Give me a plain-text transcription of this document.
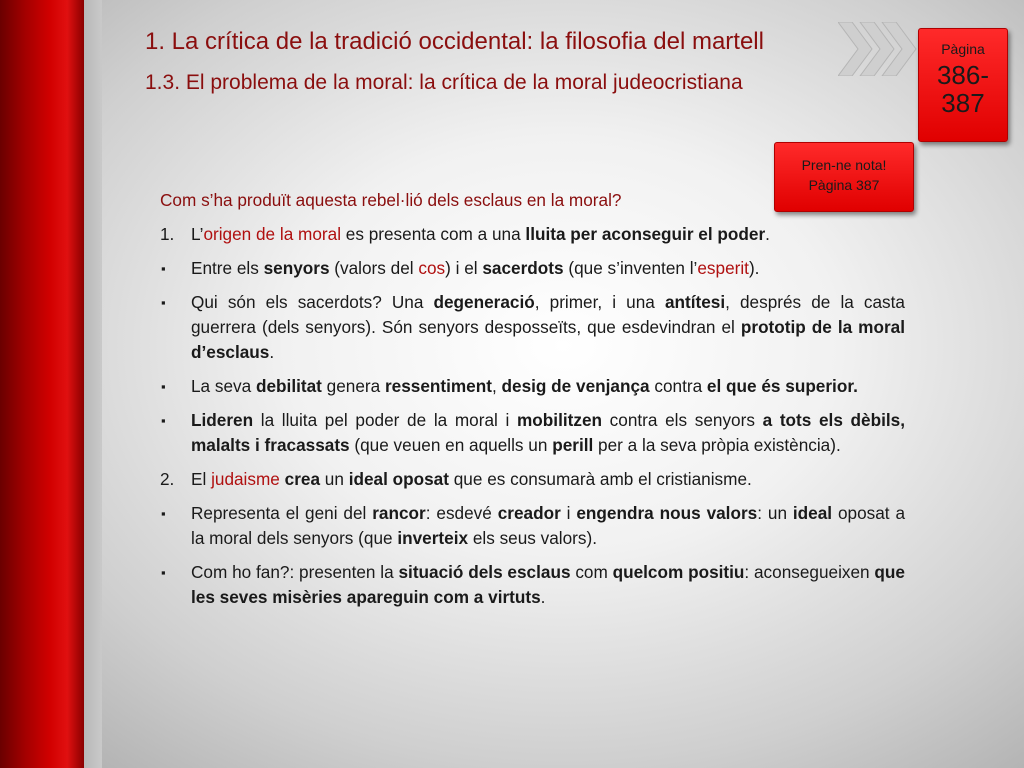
1. La crítica de la tradició occidental: la filosofia del martell
1.3. El problema de la moral: la crítica de la moral judeocristiana
Pàgina
386-387
Pren-ne nota!
Pàgina 387
Com s’ha produït aquesta rebel·lió dels esclaus en la moral?
1. L’origen de la moral es presenta com a una lluita per aconseguir el poder.
▪ Entre els senyors (valors del cos) i el sacerdots (que s’inventen l’esperit).
▪ Qui són els sacerdots? Una degeneració, primer, i una antítesi, després de la casta guerrera (dels senyors). Són senyors desposseïts, que esdevindran el prototip de la moral d’esclaus.
▪ La seva debilitat genera ressentiment, desig de venjança contra el que és superior.
▪ Lideren la lluita pel poder de la moral i mobilitzen contra els senyors a tots els dèbils, malalts i fracassats (que veuen en aquells un perill per a la seva pròpia existència).
2. El judaisme crea un ideal oposat que es consumarà amb el cristianisme.
▪ Representa el geni del rancor: esdevé creador i engendra nous valors: un ideal oposat a la moral dels senyors (que inverteix els seus valors).
▪ Com ho fan?: presenten la situació dels esclaus com quelcom positiu: aconsegueixen que les seves misèries apareguin com a virtuts.
